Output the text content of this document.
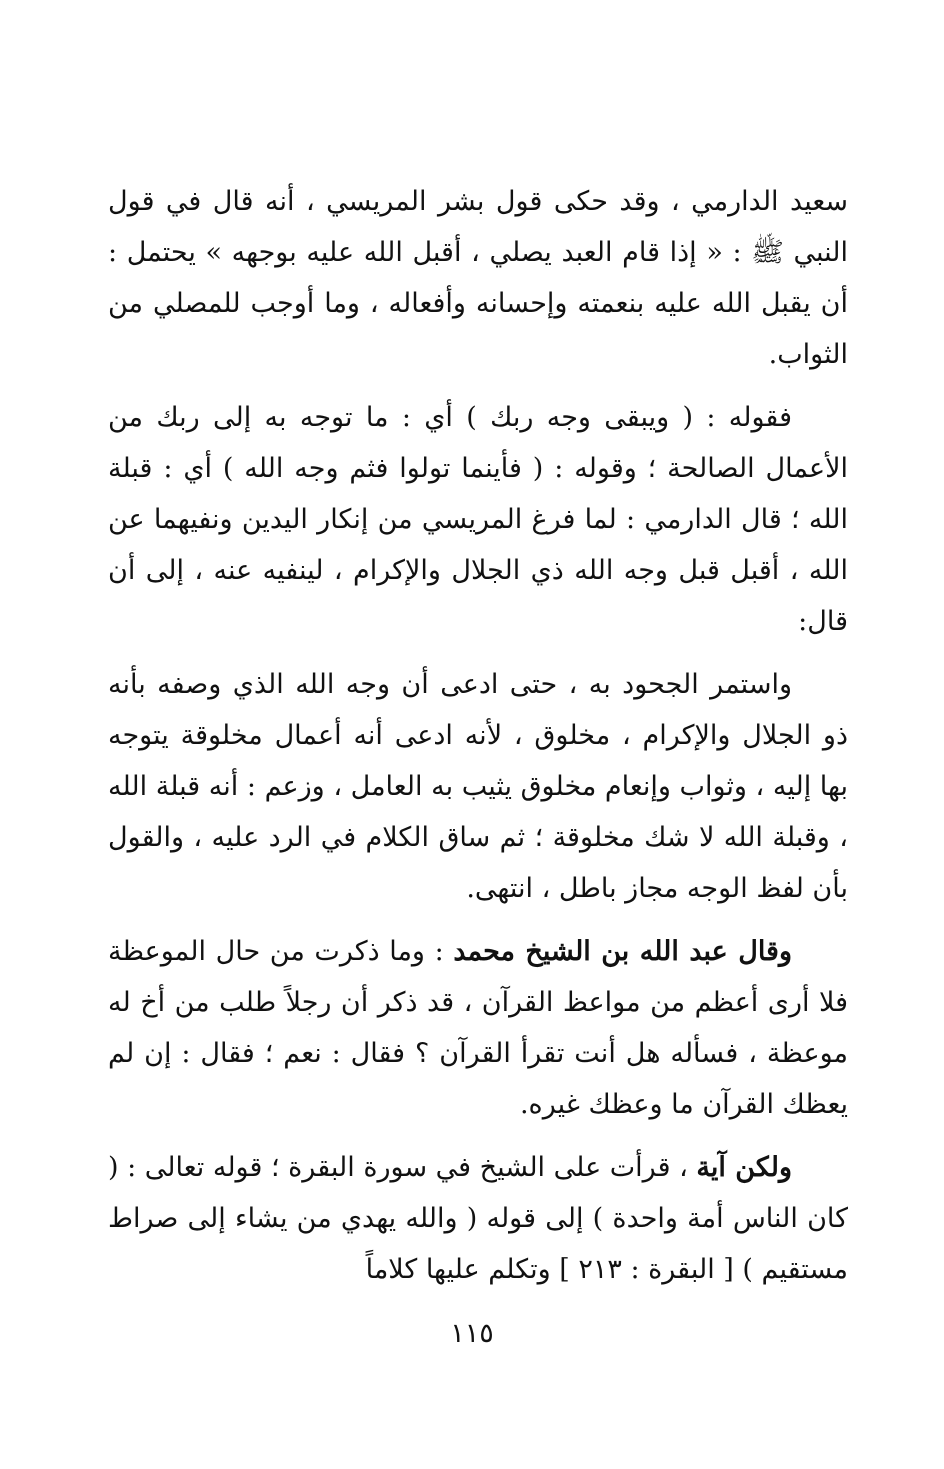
سعيد الدارمي ، وقد حكى قول بشر المريسي ، أنه قال في قول النبي ﷺ : « إذا قام العبد يصلي ، أقبل الله عليه بوجهه » يحتمل : أن يقبل الله عليه بنعمته وإحسانه وأفعاله ، وما أوجب للمصلي من الثواب.

فقوله : ( ويبقى وجه ربك ) أي : ما توجه به إلى ربك من الأعمال الصالحة ؛ وقوله : ( فأينما تولوا فثم وجه الله ) أي : قبلة الله ؛ قال الدارمي : لما فرغ المريسي من إنكار اليدين ونفيهما عن الله ، أقبل قبل وجه الله ذي الجلال والإكرام ، لينفيه عنه ، إلى أن قال:

واستمر الجحود به ، حتى ادعى أن وجه الله الذي وصفه بأنه ذو الجلال والإكرام ، مخلوق ، لأنه ادعى أنه أعمال مخلوقة يتوجه بها إليه ، وثواب وإنعام مخلوق يثيب به العامل ، وزعم : أنه قبلة الله ، وقبلة الله لا شك مخلوقة ؛ ثم ساق الكلام في الرد عليه ، والقول بأن لفظ الوجه مجاز باطل ، انتهى.

وقال عبد الله بن الشيخ محمد : وما ذكرت من حال الموعظة فلا أرى أعظم من مواعظ القرآن ، قد ذكر أن رجلاً طلب من أخ له موعظة ، فسأله هل أنت تقرأ القرآن ؟ فقال : نعم ؛ فقال : إن لم يعظك القرآن ما وعظك غيره.

ولكن آية ، قرأت على الشيخ في سورة البقرة ؛ قوله تعالى : ( كان الناس أمة واحدة ) إلى قوله ( والله يهدي من يشاء إلى صراط مستقيم ) [ البقرة : ٢١٣ ] وتكلم عليها كلاماً

١١٥
